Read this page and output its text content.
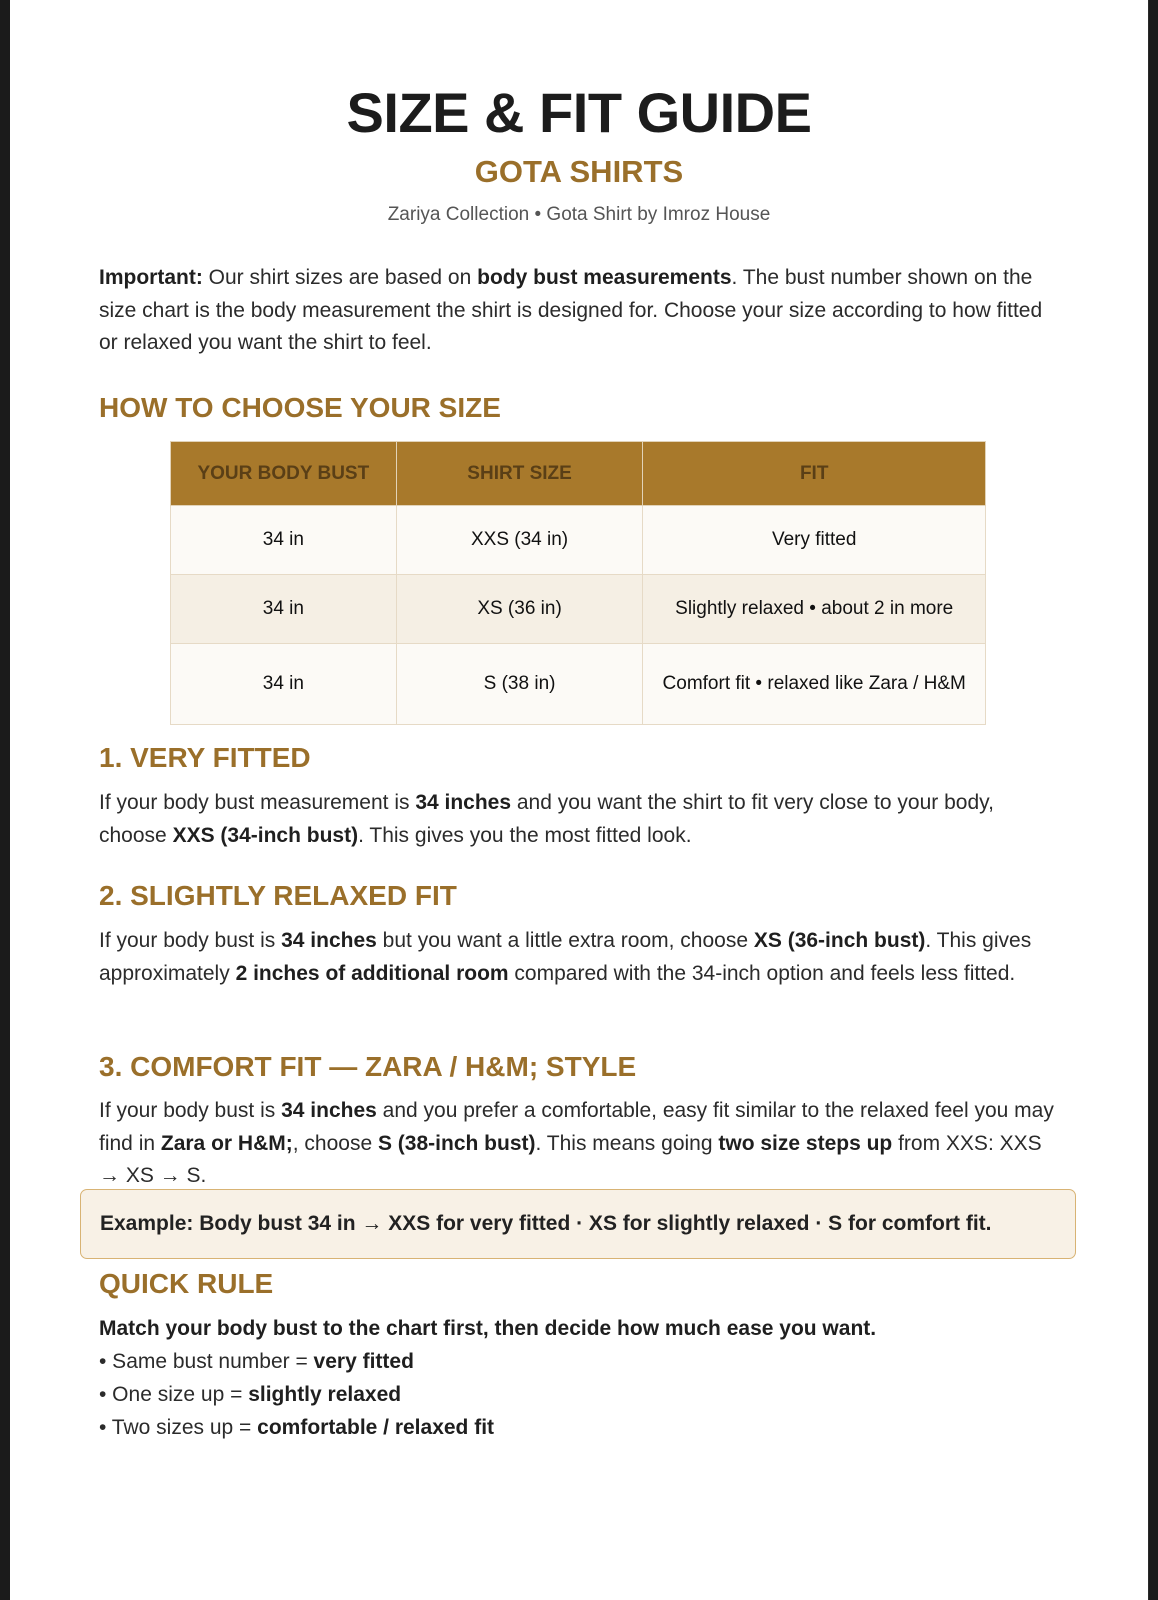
SIZE & FIT GUIDE
GOTA SHIRTS
Zariya Collection • Gota Shirt by Imroz House

Important: Our shirt sizes are based on body bust measurements. The bust number shown on the size chart is the body measurement the shirt is designed for. Choose your size according to how fitted or relaxed you want the shirt to feel.

HOW TO CHOOSE YOUR SIZE
YOUR BODY BUST	SHIRT SIZE	FIT
34 in	XXS (34 in)	Very fitted
34 in	XS (36 in)	Slightly relaxed • about 2 in more
34 in	S (38 in)	Comfort fit • relaxed like Zara / H&M
1. VERY FITTED

If your body bust measurement is 34 inches and you want the shirt to fit very close to your body, choose XXS (34-inch bust). This gives you the most fitted look.

2. SLIGHTLY RELAXED FIT

If your body bust is 34 inches but you want a little extra room, choose XS (36-inch bust). This gives approximately 2 inches of additional room compared with the 34-inch option and feels less fitted.

3. COMFORT FIT — ZARA / H&M; STYLE

If your body bust is 34 inches and you prefer a comfortable, easy fit similar to the relaxed feel you may find in Zara or H&M;, choose S (38-inch bust). This means going two size steps up from XXS: XXS → XS → S.

Example: Body bust 34 in → XXS for very fitted · XS for slightly relaxed · S for comfort fit.
QUICK RULE

Match your body bust to the chart first, then decide how much ease you want.

• Same bust number = very fitted

• One size up = slightly relaxed

• Two sizes up = comfortable / relaxed fit
